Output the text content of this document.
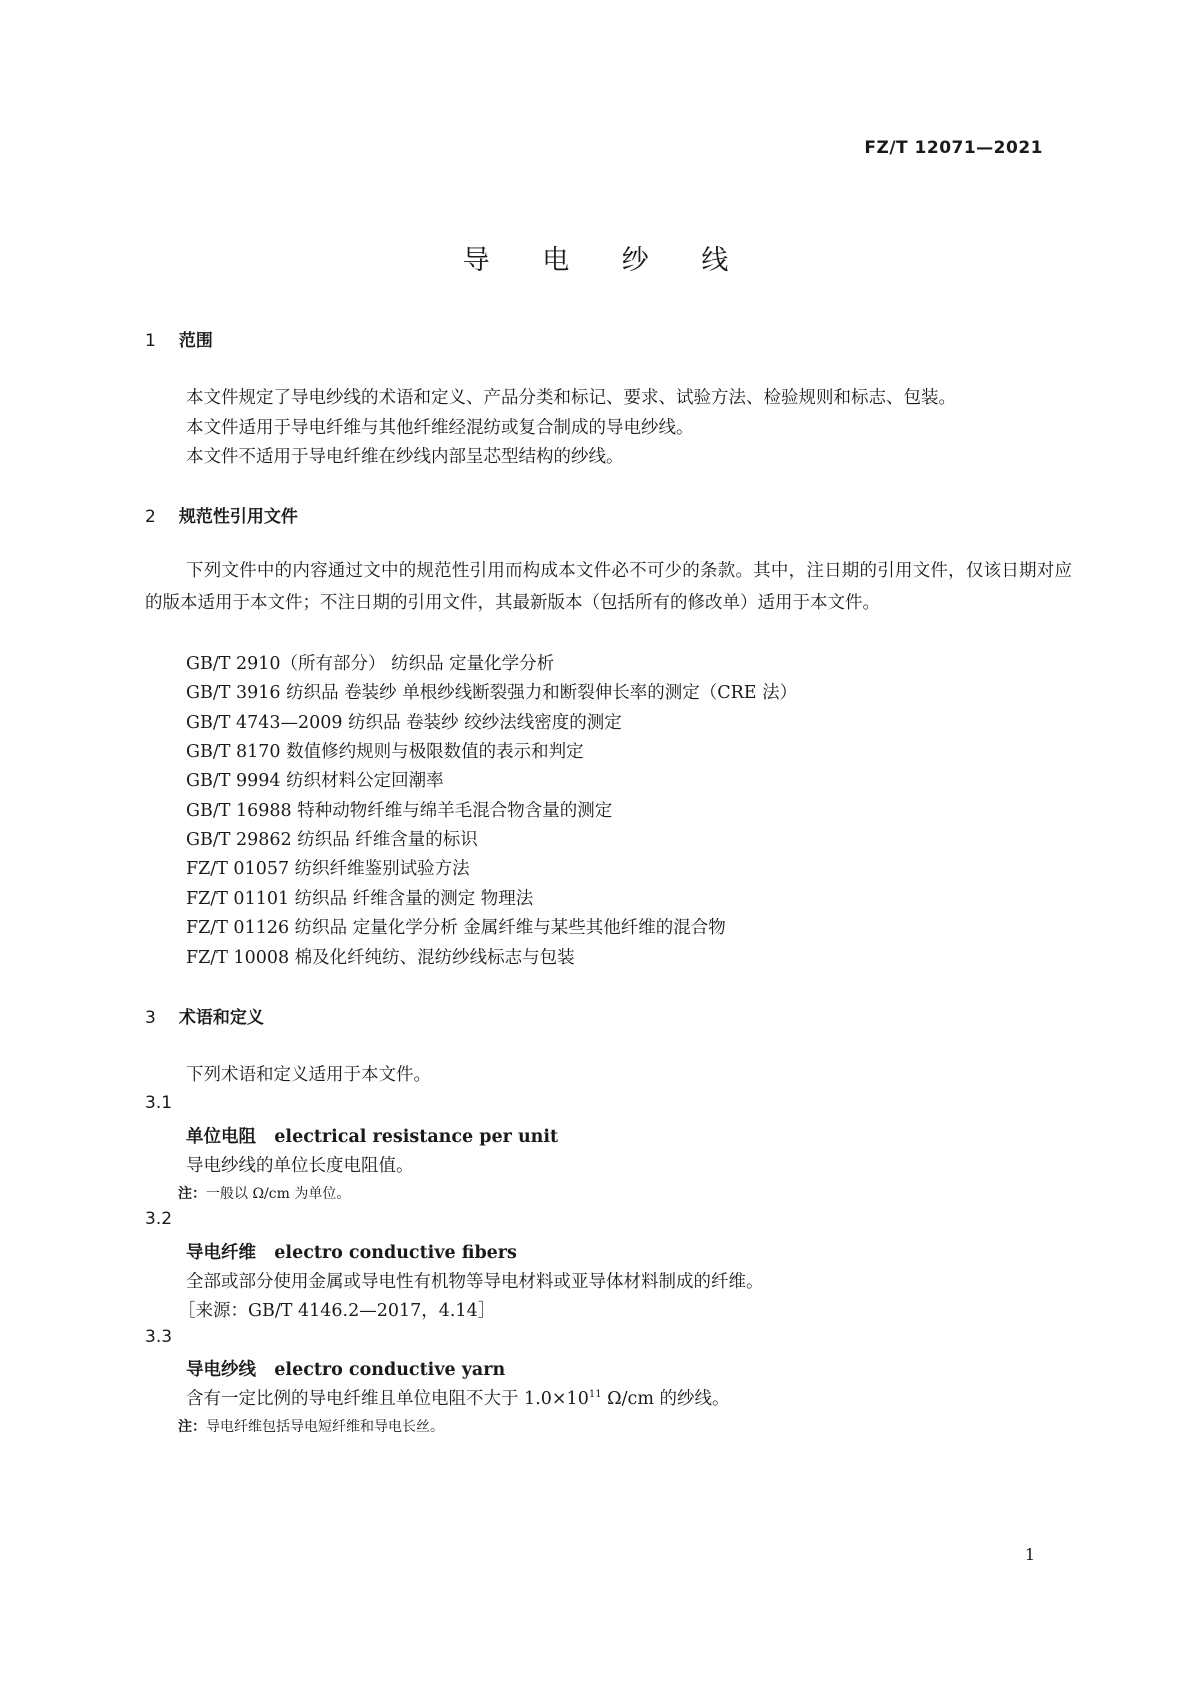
FZ/T 12071—2021
导 电 纱 线
1 范围
本文件规定了导电纱线的术语和定义、产品分类和标记、要求、试验方法、检验规则和标志、包装。
本文件适用于导电纤维与其他纤维经混纺或复合制成的导电纱线。
本文件不适用于导电纤维在纱线内部呈芯型结构的纱线。
2 规范性引用文件
下列文件中的内容通过文中的规范性引用而构成本文件必不可少的条款。其中，注日期的引用文件，仅该日期对应的版本适用于本文件；不注日期的引用文件，其最新版本（包括所有的修改单）适用于本文件。
GB/T 2910（所有部分） 纺织品 定量化学分析
GB/T 3916 纺织品 卷装纱 单根纱线断裂强力和断裂伸长率的测定（CRE 法）
GB/T 4743—2009 纺织品 卷装纱 绞纱法线密度的测定
GB/T 8170 数值修约规则与极限数值的表示和判定
GB/T 9994 纺织材料公定回潮率
GB/T 16988 特种动物纤维与绵羊毛混合物含量的测定
GB/T 29862 纺织品 纤维含量的标识
FZ/T 01057 纺织纤维鉴别试验方法
FZ/T 01101 纺织品 纤维含量的测定 物理法
FZ/T 01126 纺织品 定量化学分析 金属纤维与某些其他纤维的混合物
FZ/T 10008 棉及化纤纯纺、混纺纱线标志与包装
3 术语和定义
下列术语和定义适用于本文件。
3.1
单位电阻 electrical resistance per unit
导电纱线的单位长度电阻值。
注：一般以 Ω/cm 为单位。
3.2
导电纤维 electro conductive fibers
全部或部分使用金属或导电性有机物等导电材料或亚导体材料制成的纤维。
［来源：GB/T 4146.2—2017，4.14］
3.3
导电纱线 electro conductive yarn
含有一定比例的导电纤维且单位电阻不大于 $1.0\times 10^{11}$ Ω/cm 的纱线。
注：导电纤维包括导电短纤维和导电长丝。
1
